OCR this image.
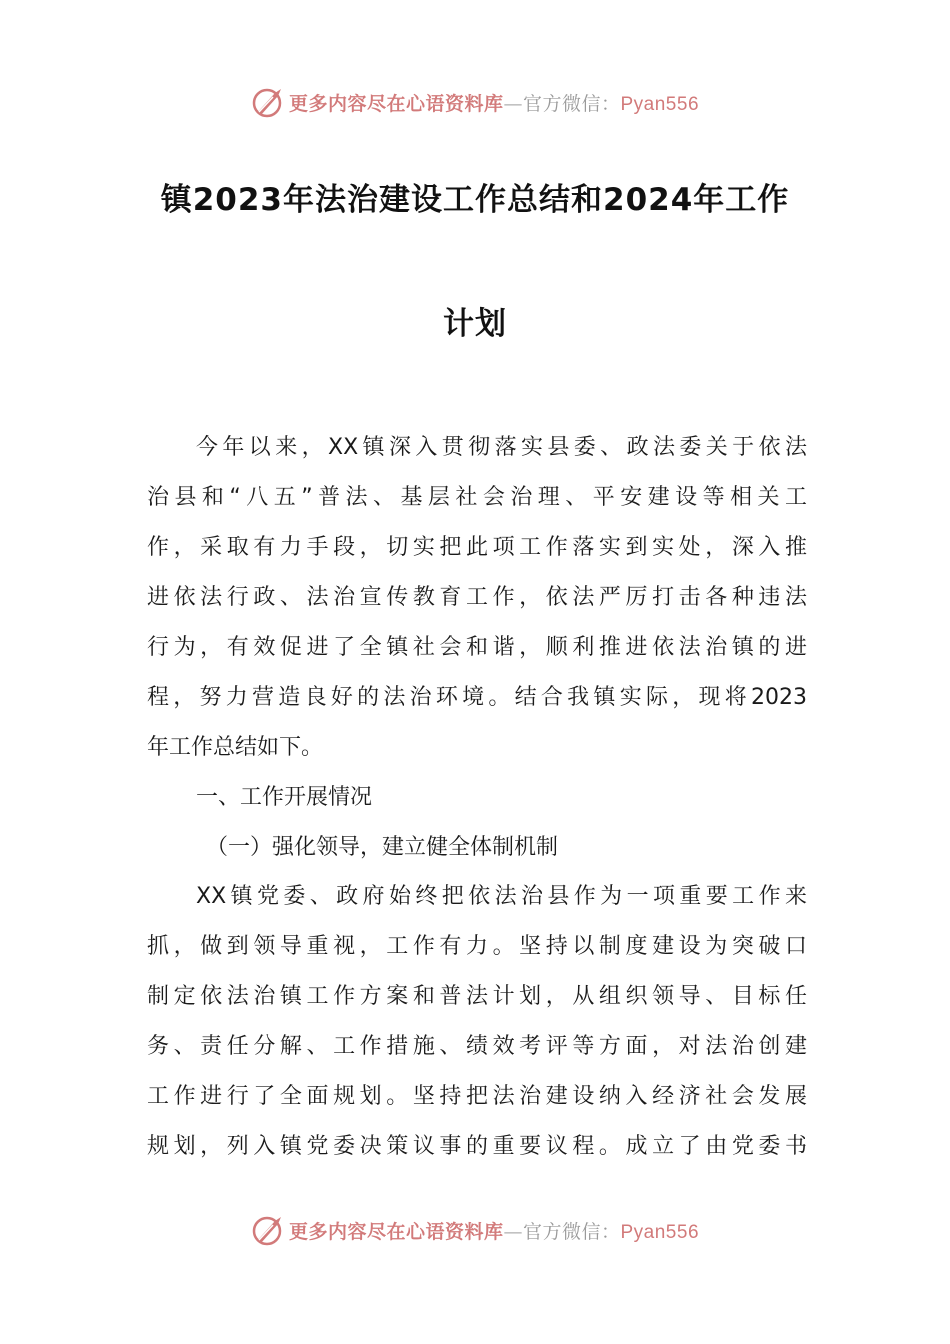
更多内容尽在心语资料库—官方微信：Pyan556
镇2023年法治建设工作总结和2024年工作
计划
今年以来，XX镇深入贯彻落实县委、政法委关于依法
治县和“八五”普法、基层社会治理、平安建设等相关工
作，采取有力手段，切实把此项工作落实到实处，深入推
进依法行政、法治宣传教育工作，依法严厉打击各种违法
行为，有效促进了全镇社会和谐，顺利推进依法治镇的进
程，努力营造良好的法治环境。结合我镇实际，现将2023
年工作总结如下。
一、工作开展情况
（一）强化领导，建立健全体制机制
XX镇党委、政府始终把依法治县作为一项重要工作来
抓，做到领导重视，工作有力。坚持以制度建设为突破口
制定依法治镇工作方案和普法计划，从组织领导、目标任
务、责任分解、工作措施、绩效考评等方面，对法治创建
工作进行了全面规划。坚持把法治建设纳入经济社会发展
规划，列入镇党委决策议事的重要议程。成立了由党委书
更多内容尽在心语资料库—官方微信：Pyan556
